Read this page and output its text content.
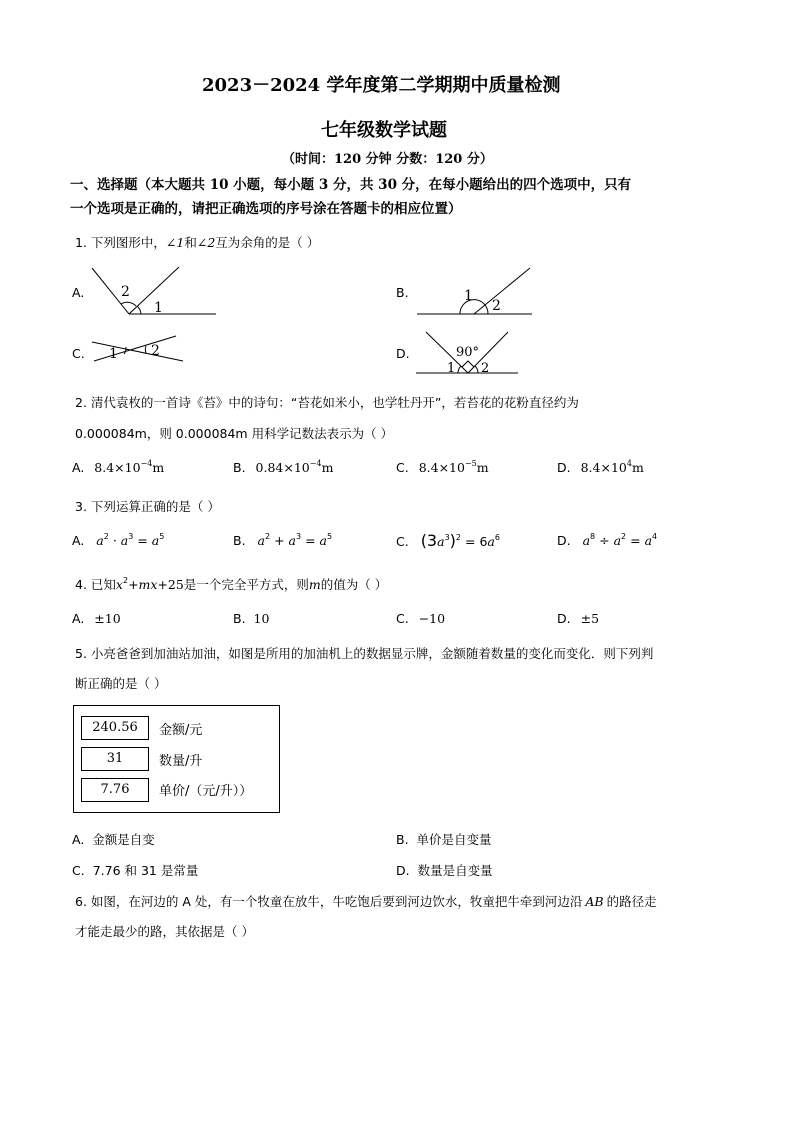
2023－2024 学年度第二学期期中质量检测
七年级数学试题
（时间：120 分钟 分数：120 分）
一、选择题（本大题共 10 小题，每小题 3 分，共 30 分，在每小题给出的四个选项中，只有
一个选项是正确的，请把正确选项的序号涂在答题卡的相应位置）
1. 下列图形中，∠1和∠2互为余角的是（ ）
A.	2
1
B.	1
2
C. 1 2	D.	90°
1 2
2. 清代袁枚的一首诗《苔》中的诗句：“苔花如米小，也学牡丹开”，若苔花的花粉直径约为
0.000084m，则 0.000084m 用科学记数法表示为（ ）
A. $8.4\times 10^{-4}m$	B. $0.84\times 10^{-4}m$	C. $8.4\times 10^{-5}m$	D. $8.4\times 10^4m$
3. 下列运算正确的是（ ）
A. $a^2 \cdot a^3 = a^5$	B. $a^2 + a^3 = a^5$	C. $(3a^3)^2 = 6a^6$	D. $a^8 \div a^2 = a^4$
4. 已知$x^2+mx+25$是一个完全平方式，则m的值为（ ）
A. ±10	B. 10	C. −10	D. ±5
5. 小亮爸爸到加油站加油，如图是所用的加油机上的数据显示牌，金额随着数量的变化而变化．则下列判
断正确的是（ ）
240.56	金额/元
31	数量/升
7.76	单价/（元/升））
A. 金额是自变	B. 单价是自变量
C. 7.76 和 31 是常量	D. 数量是自变量
6. 如图，在河边的 A 处，有一个牧童在放牛，牛吃饱后要到河边饮水，牧童把牛牵到河边沿 AB 的路径走
才能走最少的路，其依据是（ ）
